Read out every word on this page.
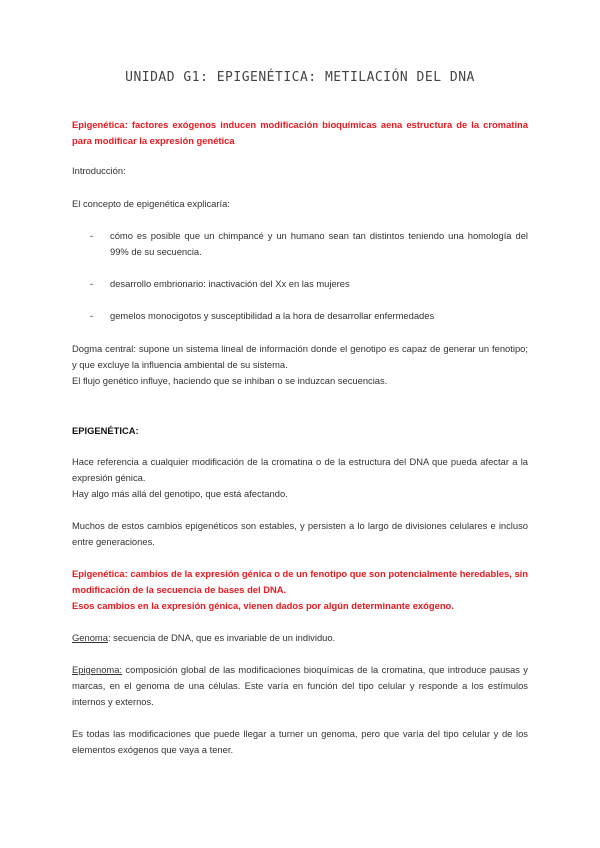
UNIDAD G1: EPIGENÉTICA: METILACIÓN DEL DNA
Epigenética: factores exógenos inducen modificación bioquímicas aena estructura de la cromatina para modificar la expresión genética
Introducción:
El concepto de epigenética explicaría:
- cómo es posible que un chimpancé y un humano sean tan distintos teniendo una homología del 99% de su secuencia.
- desarrollo embrionario: inactivación del Xx en las mujeres
- gemelos monocigotos y susceptibilidad a la hora de desarrollar enfermedades
Dogma central: supone un sistema lineal de información donde el genotipo es capaz de generar un fenotipo; y que excluye la influencia ambiental de su sistema.
El flujo genético influye, haciendo que se inhiban o se induzcan secuencias.
EPIGENÉTICA:
Hace referencia a cualquier modificación de la cromatina o de la estructura del DNA que pueda afectar a la expresión génica.
Hay algo más allá del genotipo, que está afectando.
Muchos de estos cambios epigenéticos son estables, y persisten a lo largo de divisiones celulares e incluso entre generaciones.
Epigenética: cambios de la expresión génica o de un fenotipo que son potencialmente heredables, sin modificación de la secuencia de bases del DNA.
Esos cambios en la expresión génica, vienen dados por algún determinante exógeno.
Genoma: secuencia de DNA, que es invariable de un individuo.
Epigenoma: composición global de las modificaciones bioquímicas de la cromatina, que introduce pausas y marcas, en el genoma de una células. Este varía en función del tipo celular y responde a los estímulos internos y externos.
Es todas las modificaciones que puede llegar a turner un genoma, pero que varía del tipo celular y de los elementos exógenos que vaya a tener.
